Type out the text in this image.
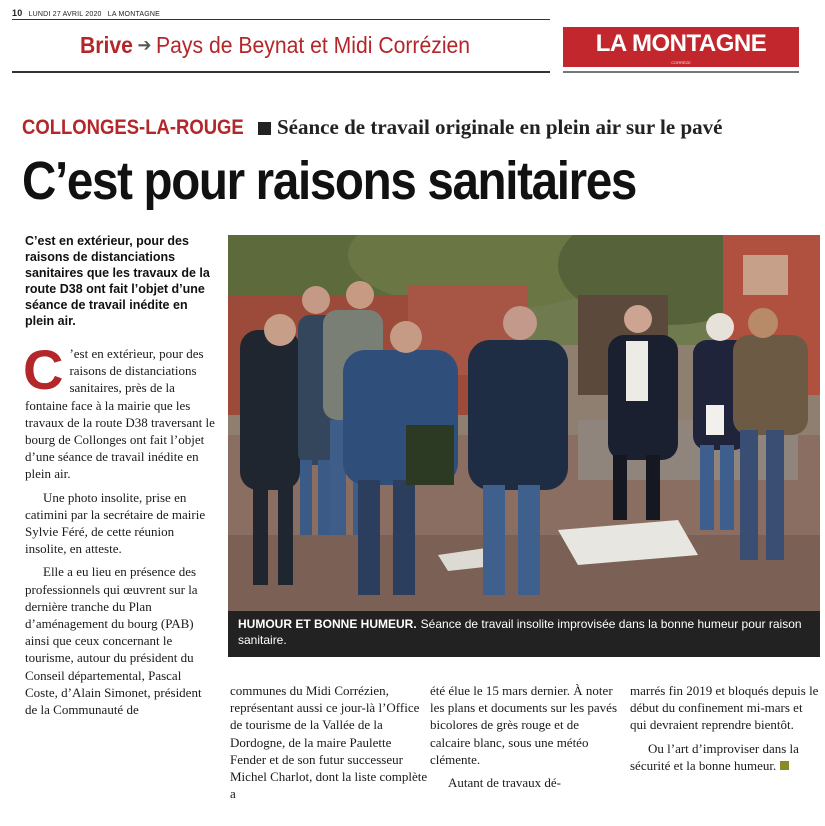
10 LUNDI 27 AVRIL 2020 LA MONTAGNE
Brive ➔ Pays de Beynat et Midi Corrézien	LA MONTAGNE
CORRÈZE
COLLONGES-LA-ROUGE Séance de travail originale en plein air sur le pavé
C’est pour raisons sanitaires
C’est en extérieur, pour des raisons de distanciations sanitaires que les travaux de la route D38 ont fait l’objet d’une séance de travail inédite en plein air.

C ’est en extérieur, pour des raisons de distanciations sanitaires, près de la fontaine face à la mairie que les travaux de la route D38 traversant le bourg de Collonges ont fait l’objet d’une séance de travail inédite en plein air.

Une photo insolite, prise en catimini par la secrétaire de mairie Sylvie Féré, de cette réunion insolite, en atteste.

Elle a eu lieu en présence des professionnels qui œuvrent sur la dernière tranche du Plan d’aménagement du bourg (PAB) ainsi que ceux concernant le tourisme, autour du président du Conseil départemental, Pascal Coste, d’Alain Simonet, président de la Communauté de

HUMOUR ET BONNE HUMEUR. Séance de travail insolite improvisée dans la bonne humeur pour raison sanitaire.

communes du Midi Corrézien, représentant aussi ce jour-là l’Office de tourisme de la Vallée de la Dordogne, de la maire Paulette Fender et de son futur successeur Michel Charlot, dont la liste complète a

été élue le 15 mars dernier. À noter les plans et documents sur les pavés bicolores de grès rouge et de calcaire blanc, sous une météo clémente.

Autant de travaux dé-

marrés fin 2019 et bloqués depuis le début du confinement mi-mars et qui devraient reprendre bientôt.

Ou l’art d’improviser dans la sécurité et la bonne humeur.
